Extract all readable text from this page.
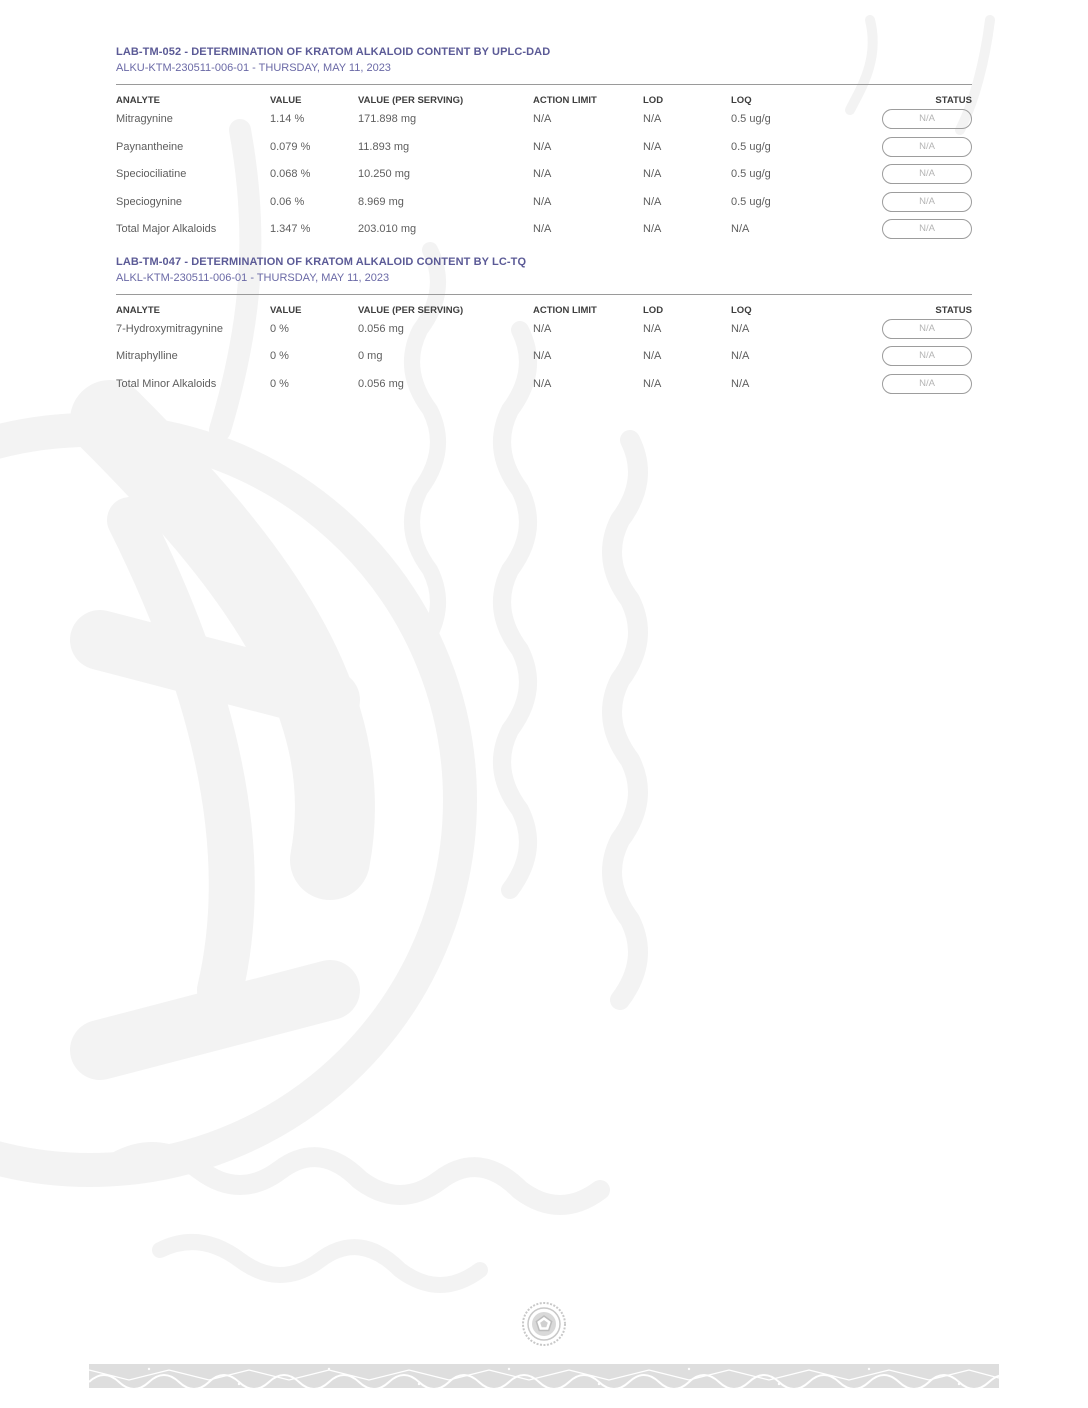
LAB-TM-052 - DETERMINATION OF KRATOM ALKALOID CONTENT BY UPLC-DAD
ALKU-KTM-230511-006-01 - THURSDAY, MAY 11, 2023
ANALYTE	VALUE	VALUE (PER SERVING)	ACTION LIMIT	LOD	LOQ	STATUS
Mitragynine	1.14 %	171.898 mg	N/A	N/A	0.5 ug/g	N/A
Paynantheine	0.079 %	11.893 mg	N/A	N/A	0.5 ug/g	N/A
Speciociliatine	0.068 %	10.250 mg	N/A	N/A	0.5 ug/g	N/A
Speciogynine	0.06 %	8.969 mg	N/A	N/A	0.5 ug/g	N/A
Total Major Alkaloids	1.347 %	203.010 mg	N/A	N/A	N/A	N/A
LAB-TM-047 - DETERMINATION OF KRATOM ALKALOID CONTENT BY LC-TQ
ALKL-KTM-230511-006-01 - THURSDAY, MAY 11, 2023
ANALYTE	VALUE	VALUE (PER SERVING)	ACTION LIMIT	LOD	LOQ	STATUS
7-Hydroxymitragynine	0 %	0.056 mg	N/A	N/A	N/A	N/A
Mitraphylline	0 %	0 mg	N/A	N/A	N/A	N/A
Total Minor Alkaloids	0 %	0.056 mg	N/A	N/A	N/A	N/A
